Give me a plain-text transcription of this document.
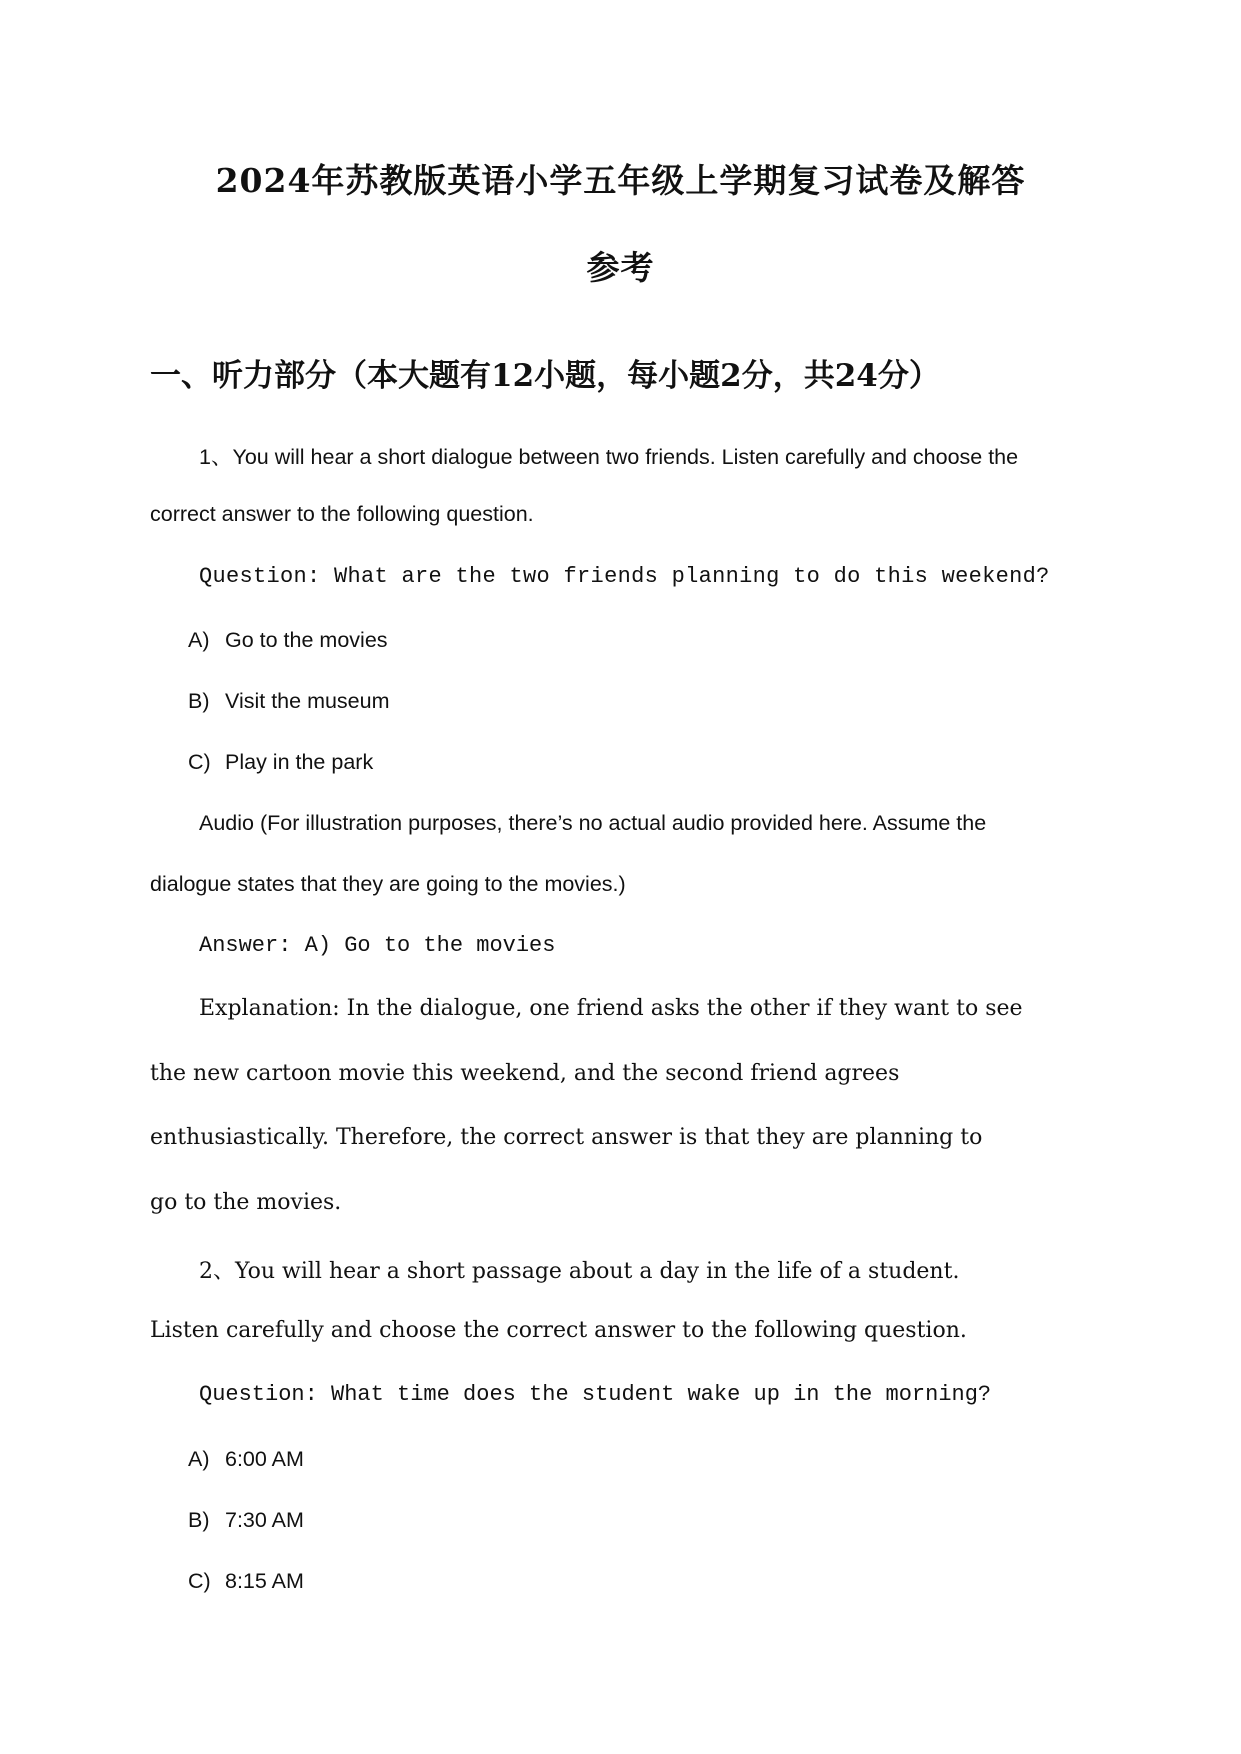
2024年苏教版英语小学五年级上学期复习试卷及解答
参考
一、听力部分（本大题有12小题，每小题2分，共24分）
1、You will hear a short dialogue between two friends. Listen carefully and choose the
correct answer to the following question.
Question: What are the two friends planning to do this weekend?
A) Go to the movies
B) Visit the museum
C) Play in the park
Audio (For illustration purposes, there’s no actual audio provided here. Assume the
dialogue states that they are going to the movies.)
Answer: A) Go to the movies
Explanation: In the dialogue, one friend asks the other if they want to see
the new cartoon movie this weekend, and the second friend agrees
enthusiastically. Therefore, the correct answer is that they are planning to
go to the movies.
2、You will hear a short passage about a day in the life of a student.
Listen carefully and choose the correct answer to the following question.
Question: What time does the student wake up in the morning?
A) 6:00 AM
B) 7:30 AM
C) 8:15 AM
